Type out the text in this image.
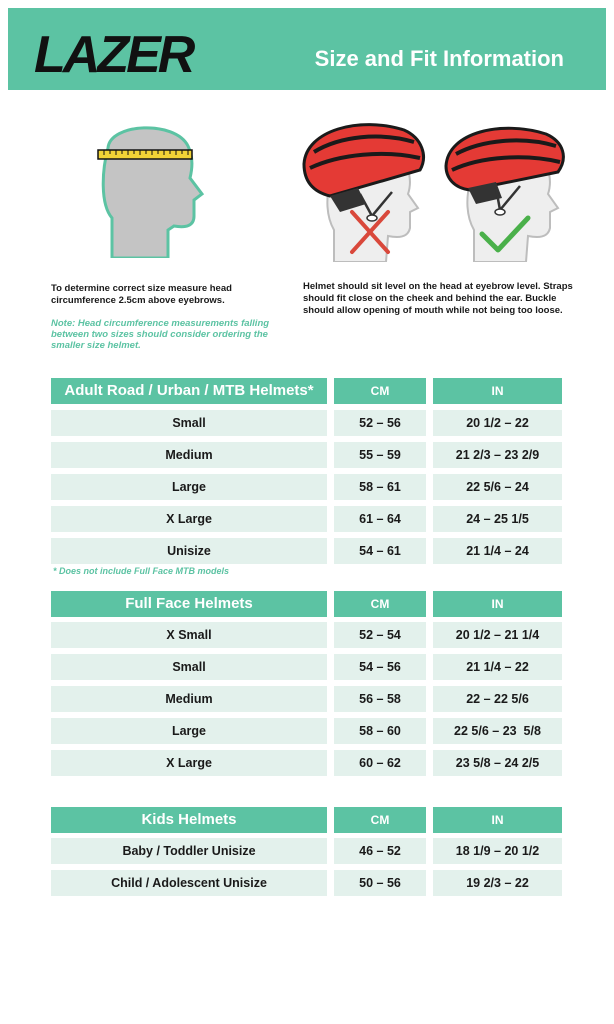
LAZER	Size and Fit Information
To determine correct size measure head circumference 2.5cm above eyebrows.
Note: Head circumference measurements falling between two sizes should consider ordering the smaller size helmet.
Helmet should sit level on the head at eyebrow level. Straps should fit close on the cheek and behind the ear. Buckle should allow opening of mouth while not being too loose.
Adult Road / Urban / MTB Helmets*	CM	IN
Small	52 – 56	20 1/2 – 22
Medium	55 – 59	21 2/3 – 23 2/9
Large	58 – 61	22 5/6 – 24
X Large	61 – 64	24 – 25 1/5
Unisize	54 – 61	21 1/4 – 24
* Does not include Full Face MTB models
Full Face Helmets	CM	IN
X Small	52 – 54	20 1/2 – 21 1/4
Small	54 – 56	21 1/4 – 22
Medium	56 – 58	22 – 22 5/6
Large	58 – 60	22 5/6 – 23  5/8
X Large	60 – 62	23 5/8 – 24 2/5
Kids Helmets	CM	IN
Baby / Toddler Unisize	46 – 52	18 1/9 – 20 1/2
Child / Adolescent Unisize	50 – 56	19 2/3 – 22
